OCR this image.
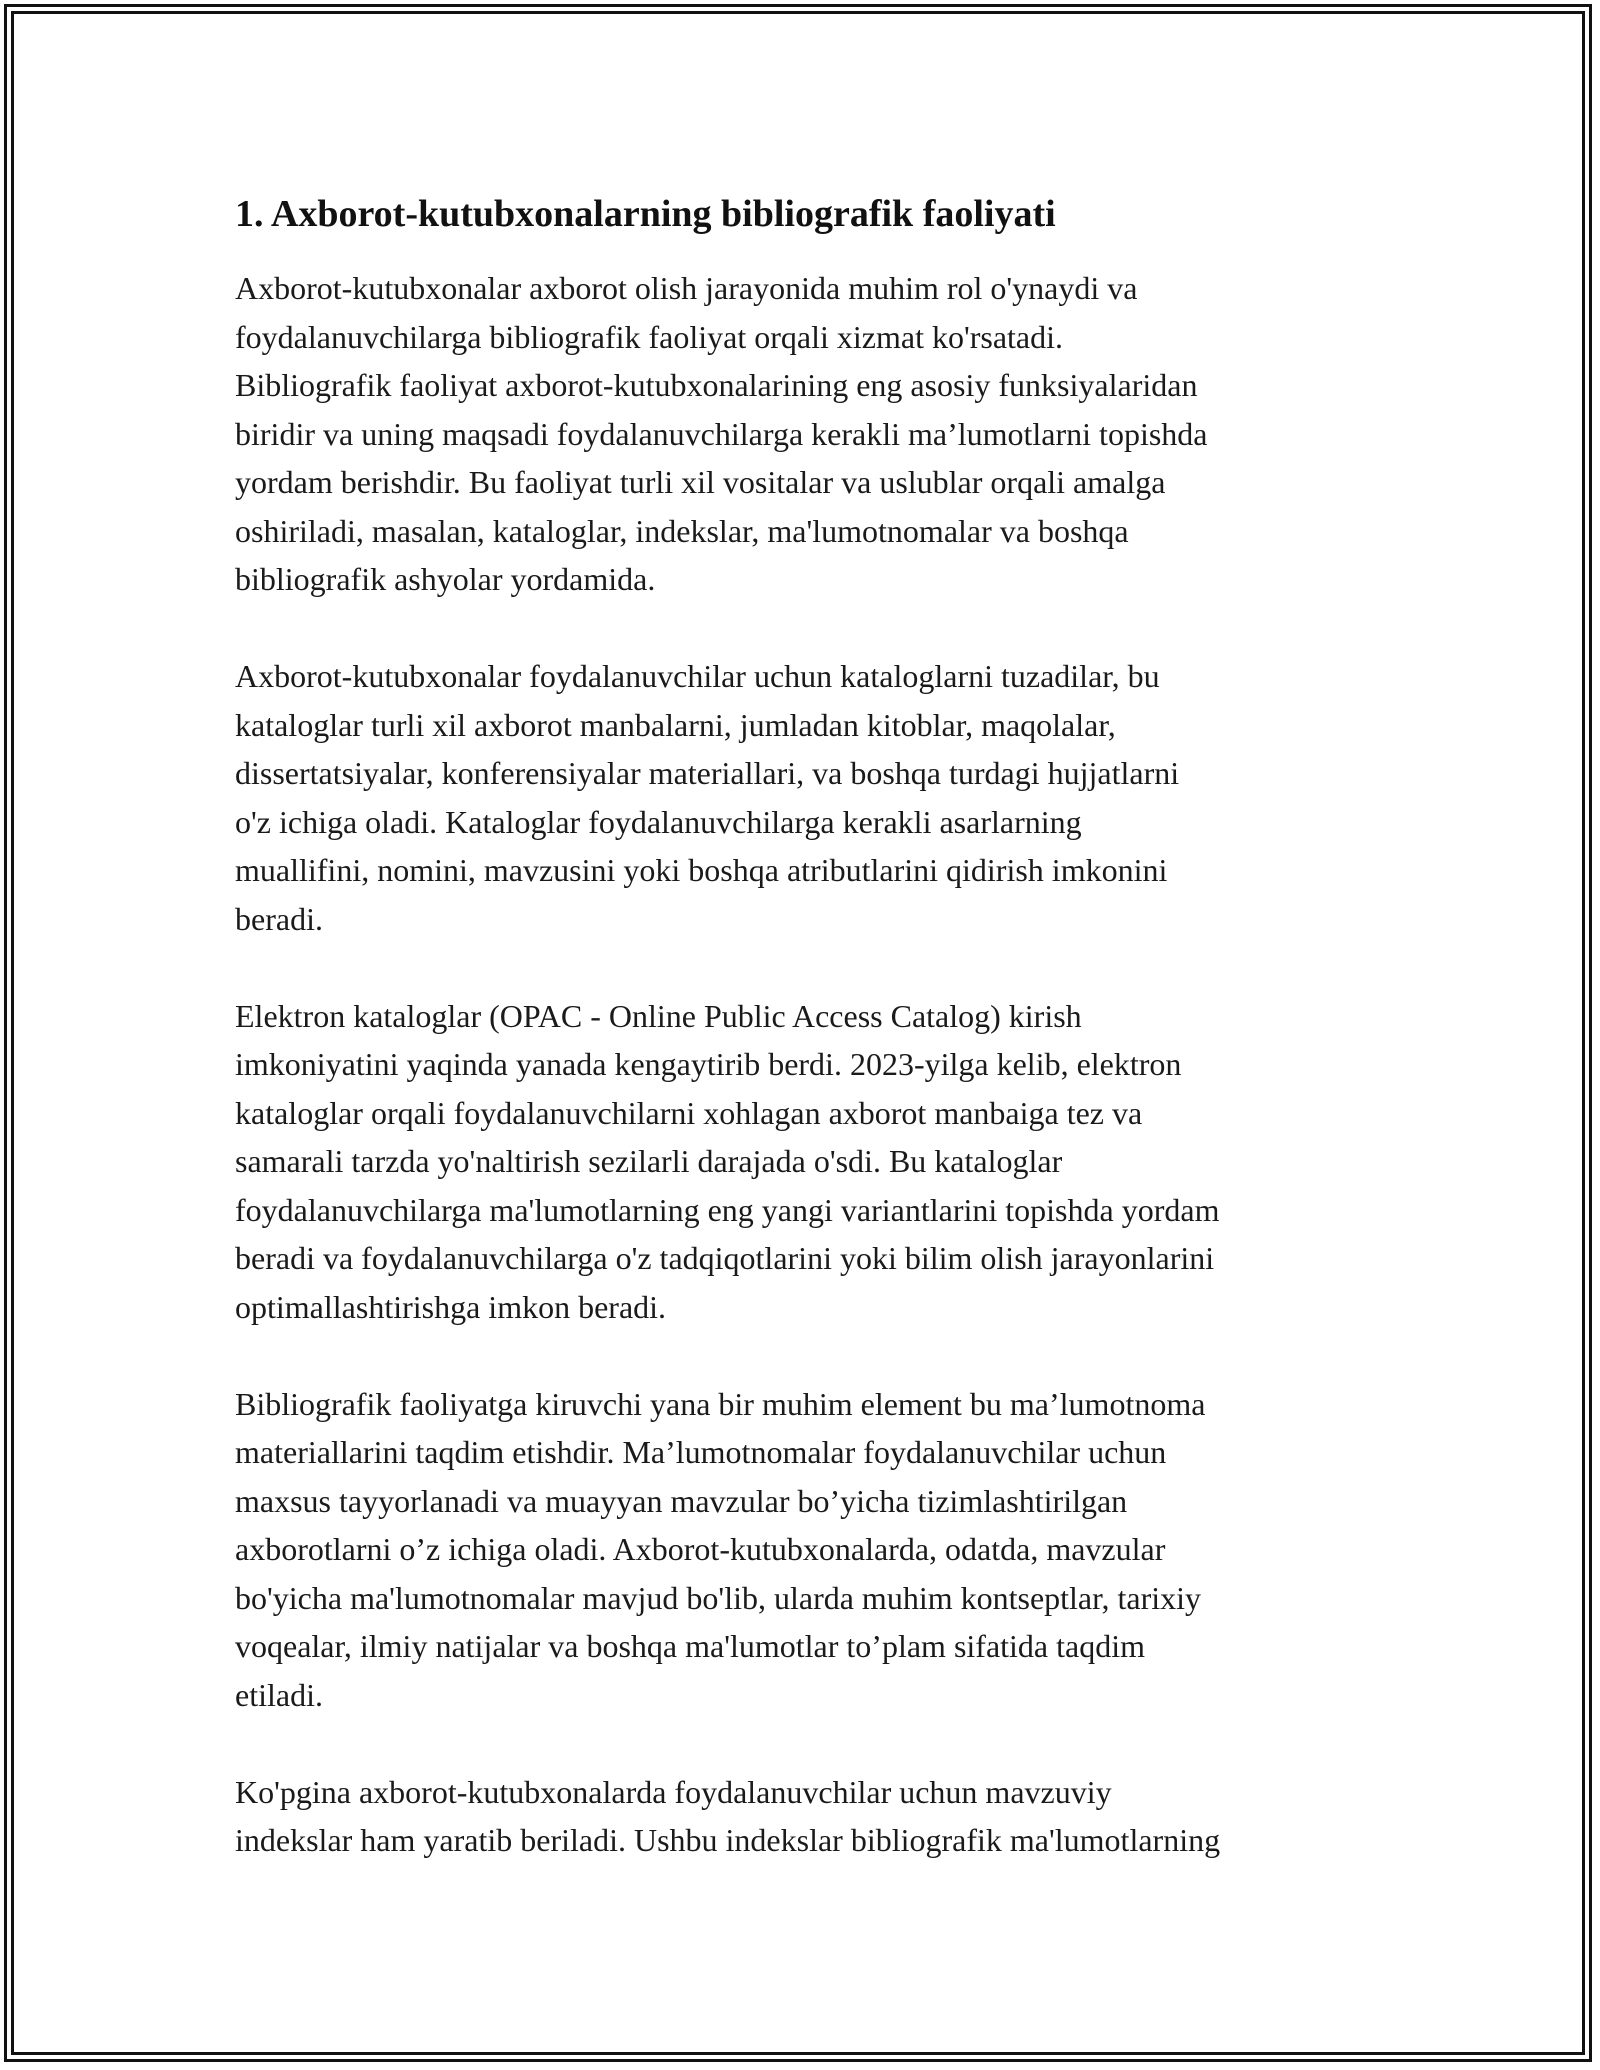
1. Axborot-kutubxonalarning bibliografik faoliyati

Axborot-kutubxonalar axborot olish jarayonida muhim rol o'ynaydi va
foydalanuvchilarga bibliografik faoliyat orqali xizmat ko'rsatadi.
Bibliografik faoliyat axborot-kutubxonalarining eng asosiy funksiyalaridan
biridir va uning maqsadi foydalanuvchilarga kerakli ma’lumotlarni topishda
yordam berishdir. Bu faoliyat turli xil vositalar va uslublar orqali amalga
oshiriladi, masalan, kataloglar, indekslar, ma'lumotnomalar va boshqa
bibliografik ashyolar yordamida.

Axborot-kutubxonalar foydalanuvchilar uchun kataloglarni tuzadilar, bu
kataloglar turli xil axborot manbalarni, jumladan kitoblar, maqolalar,
dissertatsiyalar, konferensiyalar materiallari, va boshqa turdagi hujjatlarni
o'z ichiga oladi. Kataloglar foydalanuvchilarga kerakli asarlarning
muallifini, nomini, mavzusini yoki boshqa atributlarini qidirish imkonini
beradi.

Elektron kataloglar (OPAC - Online Public Access Catalog) kirish
imkoniyatini yaqinda yanada kengaytirib berdi. 2023-yilga kelib, elektron
kataloglar orqali foydalanuvchilarni xohlagan axborot manbaiga tez va
samarali tarzda yo'naltirish sezilarli darajada o'sdi. Bu kataloglar
foydalanuvchilarga ma'lumotlarning eng yangi variantlarini topishda yordam
beradi va foydalanuvchilarga o'z tadqiqotlarini yoki bilim olish jarayonlarini
optimallashtirishga imkon beradi.

Bibliografik faoliyatga kiruvchi yana bir muhim element bu ma’lumotnoma
materiallarini taqdim etishdir. Ma’lumotnomalar foydalanuvchilar uchun
maxsus tayyorlanadi va muayyan mavzular bo’yicha tizimlashtirilgan
axborotlarni o’z ichiga oladi. Axborot-kutubxonalarda, odatda, mavzular
bo'yicha ma'lumotnomalar mavjud bo'lib, ularda muhim kontseptlar, tarixiy
voqealar, ilmiy natijalar va boshqa ma'lumotlar to’plam sifatida taqdim
etiladi.

Ko'pgina axborot-kutubxonalarda foydalanuvchilar uchun mavzuviy
indekslar ham yaratib beriladi. Ushbu indekslar bibliografik ma'lumotlarning
